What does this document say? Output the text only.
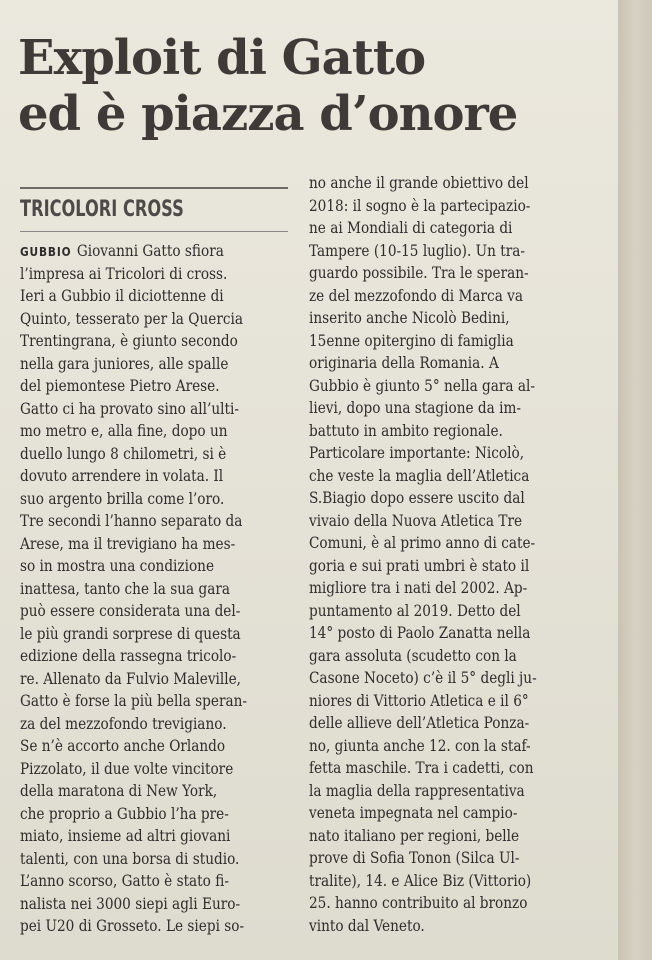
Exploit di Gatto
ed è piazza d’onore
TRICOLORI CROSS
GUBBIO Giovanni Gatto sfiora
l’impresa ai Tricolori di cross.
Ieri a Gubbio il diciottenne di
Quinto, tesserato per la Quercia
Trentingrana, è giunto secondo
nella gara juniores, alle spalle
del piemontese Pietro Arese.
Gatto ci ha provato sino all’ulti-
mo metro e, alla fine, dopo un
duello lungo 8 chilometri, si è
dovuto arrendere in volata. Il
suo argento brilla come l’oro.
Tre secondi l’hanno separato da
Arese, ma il trevigiano ha mes-
so in mostra una condizione
inattesa, tanto che la sua gara
può essere considerata una del-
le più grandi sorprese di questa
edizione della rassegna tricolo-
re. Allenato da Fulvio Maleville,
Gatto è forse la più bella speran-
za del mezzofondo trevigiano.
Se n’è accorto anche Orlando
Pizzolato, il due volte vincitore
della maratona di New York,
che proprio a Gubbio l’ha pre-
miato, insieme ad altri giovani
talenti, con una borsa di studio.
L’anno scorso, Gatto è stato fi-
nalista nei 3000 siepi agli Euro-
pei U20 di Grosseto. Le siepi so-
no anche il grande obiettivo del
2018: il sogno è la partecipazio-
ne ai Mondiali di categoria di
Tampere (10-15 luglio). Un tra-
guardo possibile. Tra le speran-
ze del mezzofondo di Marca va
inserito anche Nicolò Bedini,
15enne opitergino di famiglia
originaria della Romania. A
Gubbio è giunto 5° nella gara al-
lievi, dopo una stagione da im-
battuto in ambito regionale.
Particolare importante: Nicolò,
che veste la maglia dell’Atletica
S.Biagio dopo essere uscito dal
vivaio della Nuova Atletica Tre
Comuni, è al primo anno di cate-
goria e sui prati umbri è stato il
migliore tra i nati del 2002. Ap-
puntamento al 2019. Detto del
14° posto di Paolo Zanatta nella
gara assoluta (scudetto con la
Casone Noceto) c’è il 5° degli ju-
niores di Vittorio Atletica e il 6°
delle allieve dell’Atletica Ponza-
no, giunta anche 12. con la staf-
fetta maschile. Tra i cadetti, con
la maglia della rappresentativa
veneta impegnata nel campio-
nato italiano per regioni, belle
prove di Sofia Tonon (Silca Ul-
tralite), 14. e Alice Biz (Vittorio)
25. hanno contribuito al bronzo
vinto dal Veneto.
